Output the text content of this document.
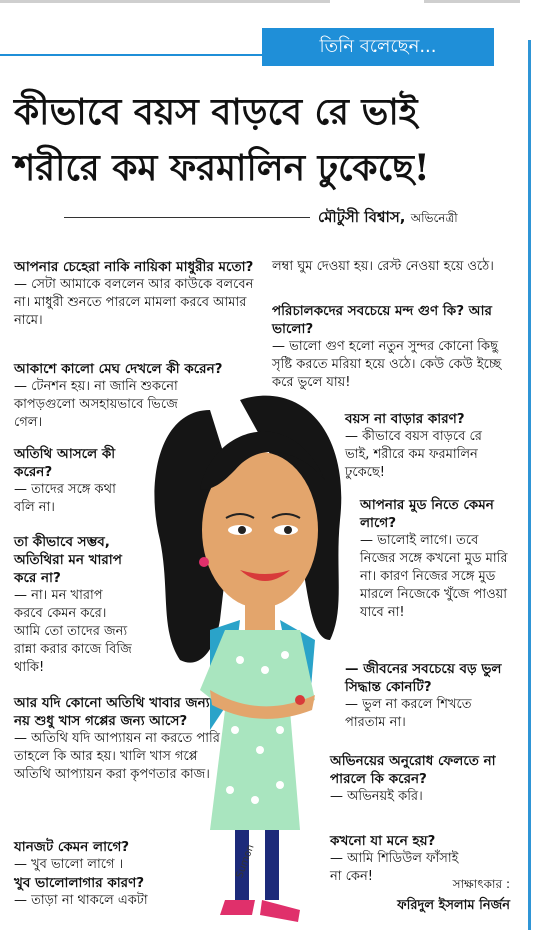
তিনি বলেছেন...
কীভাবে বয়স বাড়বে রে ভাই
শরীরে কম ফরমালিন ঢুকেছে!
মৌটুসী বিশ্বাস, অভিনেত্রী
Sumon

আপনার চেহেরা নাকি নায়িকা মাধুরীর মতো?

— সেটা আমাকে বললেন আর কাউকে বলবেন না। মাধুরী শুনতে পারলে মামলা করবে আমার নামে।

আকাশে কালো মেঘ দেখলে কী করেন?

— টেনশন হয়। না জানি শুকনো কাপড়গুলো অসহায়ভাবে ভিজে গেল।

অতিথি আসলে কী করেন?

— তাদের সঙ্গে কথা বলি না।

তা কীভাবে সম্ভব, অতিথিরা মন খারাপ করে না?

— না। মন খারাপ করবে কেমন করে। আমি তো তাদের জন্য রান্না করার কাজে বিজি থাকি!

আর যদি কোনো অতিথি খাবার জন্য নয় শুধু খাস গপ্পের জন্য আসে?

— অতিথি যদি আপ্যায়ন না করতে পারি তাহলে কি আর হয়। খালি খাস গপ্পে অতিথি আপ্যায়ন করা কৃপণতার কাজ।

যানজট কেমন লাগে?

— খুব ভালো লাগে ।

খুব ভালোলাগার কারণ?

— তাড়া না থাকলে একটা

লম্বা ঘুম দেওয়া হয়। রেস্ট নেওয়া হয়ে ওঠে।

পরিচালকদের সবচেয়ে মন্দ গুণ কি? আর ভালো?

— ভালো গুণ হলো নতুন সুন্দর কোনো কিছু সৃষ্টি করতে মরিয়া হয়ে ওঠে। কেউ কেউ ইচ্ছে করে ভুলে যায়!

বয়স না বাড়ার কারণ?

— কীভাবে বয়স বাড়বে রে ভাই, শরীরে কম ফরমালিন ঢুকেছে!

আপনার মুড নিতে কেমন লাগে?

— ভালোই লাগে। তবে নিজের সঙ্গে কখনো মুড মারি না। কারণ নিজের সঙ্গে মুড মারলে নিজেকে খুঁজে পাওয়া যাবে না!

— জীবনের সবচেয়ে বড় ভুল সিদ্ধান্ত কোনটি?

— ভুল না করলে শিখতে পারতাম না।

অভিনয়ের অনুরোধ ফেলতে না পারলে কি করেন?

— অভিনয়ই করি।

কখনো যা মনে হয়?

— আমি শিডিউল ফাঁসাই না কেন!	সাক্ষাৎকার :
ফরিদুল ইসলাম নির্জন
